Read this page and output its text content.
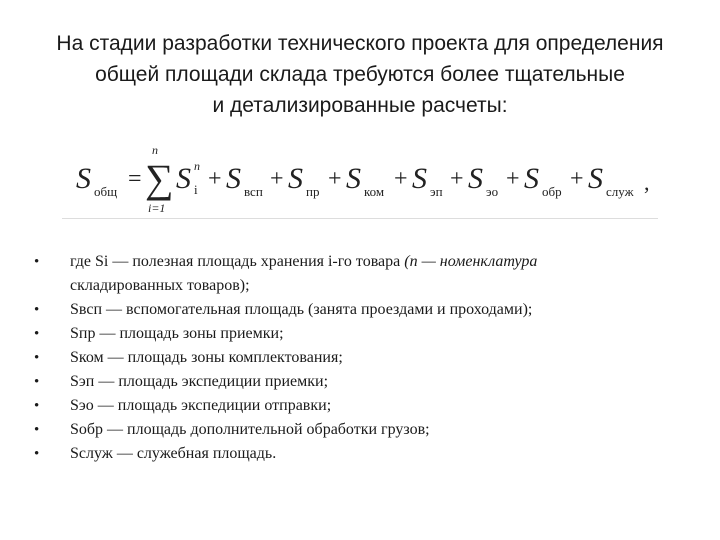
На стадии разработки технического проекта для определения
общей площади склада требуются более тщательные
и детализированные расчеты:
S общ =
n
∑
i=1
S п
i + S всп + S пр + S ком + S эп + S эо + S обр + S служ ,
• где Si — полезная площадь хранения i-го товара (n — номенклатура
складированных товаров);
• Sвсп — вспомогательная площадь (занята проездами и проходами);
• Sпр — площадь зоны приемки;
• Sком — площадь зоны комплектования;
• Sэп — площадь экспедиции приемки;
• Sэо — площадь экспедиции отправки;
• Sобр — площадь дополнительной обработки грузов;
• Sслуж — служебная площадь.
